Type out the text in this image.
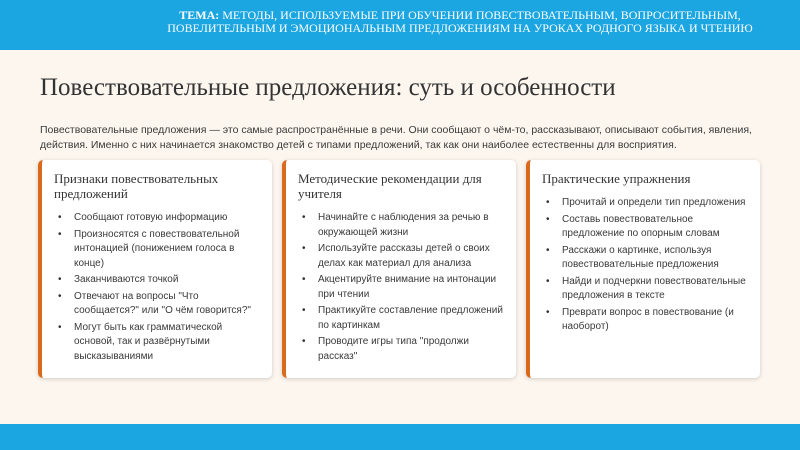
ТЕМА: МЕТОДЫ, ИСПОЛЬЗУЕМЫЕ ПРИ ОБУЧЕНИИ ПОВЕСТВОВАТЕЛЬНЫМ, ВОПРОСИТЕЛЬНЫМ, ПОВЕЛИТЕЛЬНЫМ И ЭМОЦИОНАЛЬНЫМ ПРЕДЛОЖЕНИЯМ НА УРОКАХ РОДНОГО ЯЗЫКА И ЧТЕНИЮ
Повествовательные предложения: суть и особенности

Повествовательные предложения — это самые распространённые в речи. Они сообщают о чём-то, рассказывают, описывают события, явления, действия. Именно с них начинается знакомство детей с типами предложений, так как они наиболее естественны для восприятия.

Признаки повествовательных предложений
• Сообщают готовую информацию
• Произносятся с повествовательной интонацией (понижением голоса в конце)
• Заканчиваются точкой
• Отвечают на вопросы "Что сообщается?" или "О чём говорится?"
• Могут быть как грамматической основой, так и развёрнутыми высказываниями
Методические рекомендации для учителя
• Начинайте с наблюдения за речью в окружающей жизни
• Используйте рассказы детей о своих делах как материал для анализа
• Акцентируйте внимание на интонации при чтении
• Практикуйте составление предложений по картинкам
• Проводите игры типа "продолжи рассказ"
Практические упражнения
• Прочитай и определи тип предложения
• Составь повествовательное предложение по опорным словам
• Расскажи о картинке, используя повествовательные предложения
• Найди и подчеркни повествовательные предложения в тексте
• Преврати вопрос в повествование (и наоборот)
